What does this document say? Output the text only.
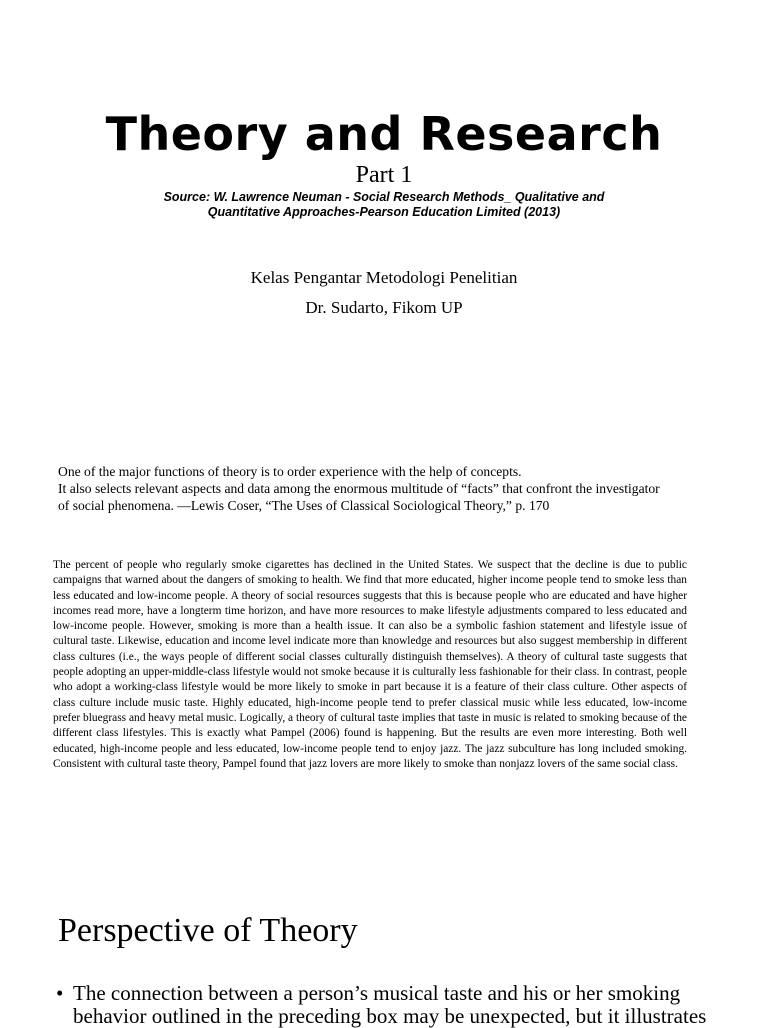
Theory and Research
Part 1
Source: W. Lawrence Neuman - Social Research Methods_ Qualitative and
Quantitative Approaches-Pearson Education Limited (2013)
Kelas Pengantar Metodologi Penelitian
Dr. Sudarto, Fikom UP
One of the major functions of theory is to order experience with the help of concepts.
It also selects relevant aspects and data among the enormous multitude of “facts” that confront the investigator
of social phenomena. —Lewis Coser, “The Uses of Classical Sociological Theory,” p. 170
The percent of people who regularly smoke cigarettes has declined in the United States. We suspect that the decline is due to public campaigns that warned about the dangers of smoking to health. We find that more educated, higher income people tend to smoke less than less educated and low-income people. A theory of social resources suggests that this is because people who are educated and have higher incomes read more, have a longterm time horizon, and have more resources to make lifestyle adjustments compared to less educated and low-income people. However, smoking is more than a health issue. It can also be a symbolic fashion statement and lifestyle issue of cultural taste. Likewise, education and income level indicate more than knowledge and resources but also suggest membership in different class cultures (i.e., the ways people of different social classes culturally distinguish themselves). A theory of cultural taste suggests that people adopting an upper-middle-class lifestyle would not smoke because it is culturally less fashionable for their class. In contrast, people who adopt a working-class lifestyle would be more likely to smoke in part because it is a feature of their class culture. Other aspects of class culture include music taste. Highly educated, high-income people tend to prefer classical music while less educated, low-income prefer bluegrass and heavy metal music. Logically, a theory of cultural taste implies that taste in music is related to smoking because of the different class lifestyles. This is exactly what Pampel (2006) found is happening. But the results are even more interesting. Both well educated, high-income people and less educated, low-income people tend to enjoy jazz. The jazz subculture has long included smoking. Consistent with cultural taste theory, Pampel found that jazz lovers are more likely to smoke than nonjazz lovers of the same social class.
Perspective of Theory
• The connection between a person’s musical taste and his or her smoking behavior outlined in the preceding box may be unexpected, but it illustrates
